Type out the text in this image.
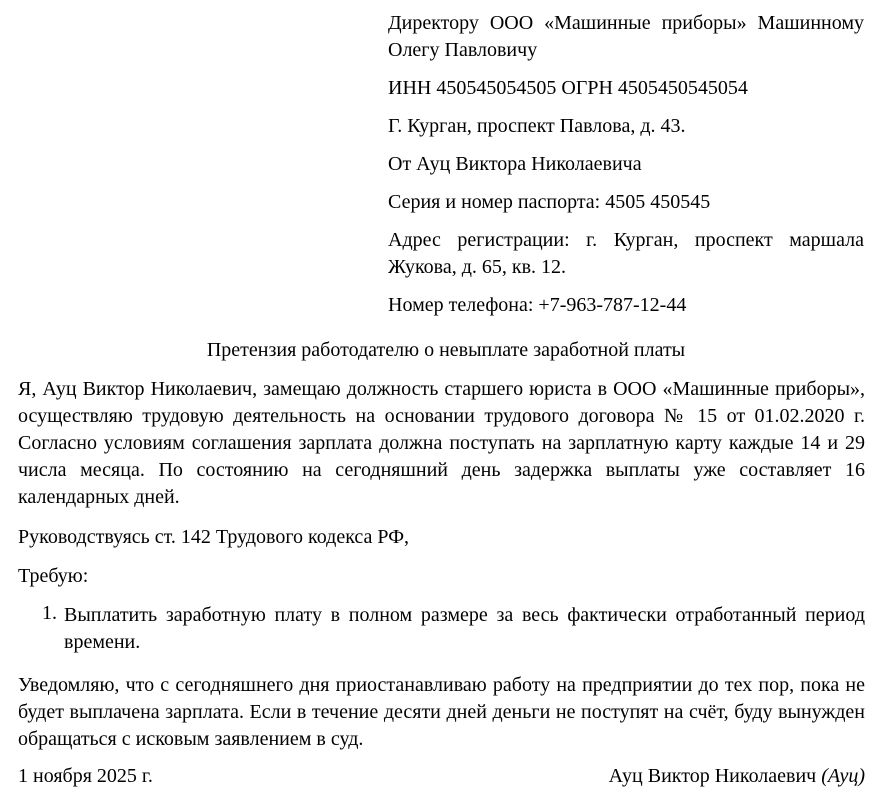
Директору ООО «Машинные приборы» Машинному Олегу Павловичу

ИНН 450545054505 ОГРН 4505450545054

Г. Курган, проспект Павлова, д. 43.

От Ауц Виктора Николаевича

Серия и номер паспорта: 4505 450545

Адрес регистрации: г. Курган, проспект маршала Жукова, д. 65, кв. 12.

Номер телефона: +7-963-787-12-44

Претензия работодателю о невыплате заработной платы

Я, Ауц Виктор Николаевич, замещаю должность старшего юриста в ООО «Машинные приборы», осуществляю трудовую деятельность на основании трудового договора № 15 от 01.02.2020 г. Согласно условиям соглашения зарплата должна поступать на зарплатную карту каждые 14 и 29 числа месяца. По состоянию на сегодняшний день задержка выплаты уже составляет 16 календарных дней.

Руководствуясь ст. 142 Трудового кодекса РФ,

Требую:

1. Выплатить заработную плату в полном размере за весь фактически отработанный период времени.

Уведомляю, что с сегодняшнего дня приостанавливаю работу на предприятии до тех пор, пока не будет выплачена зарплата. Если в течение десяти дней деньги не поступят на счёт, буду вынужден обращаться с исковым заявлением в суд.

1 ноября 2025 г.	Ауц Виктор Николаевич (Ауц)
